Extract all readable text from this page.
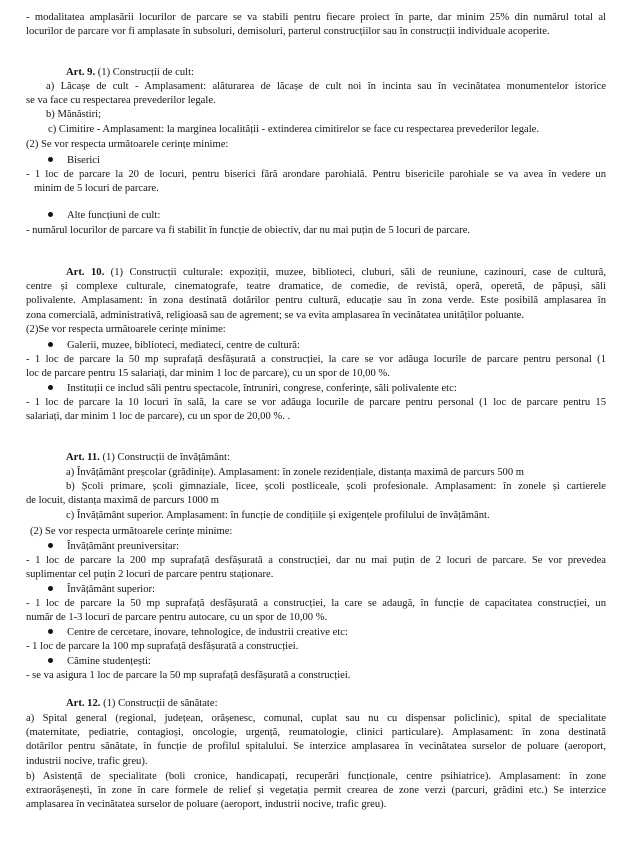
- modalitatea amplasării locurilor de parcare se va stabili pentru fiecare proiect în parte, dar minim 25% din numărul total al

locurilor de parcare vor fi amplasate în subsoluri, demisoluri, parterul construcțiilor sau în construcții individuale acoperite.

Art. 9. (1) Construcții de cult:

a) Lăcașe de cult - Amplasament: alăturarea de lăcașe de cult noi în incinta sau în vecinătatea monumentelor istorice

se va face cu respectarea prevederilor legale.

b) Mănăstiri;

c) Cimitire - Amplasament: la marginea localității - extinderea cimitirelor se face cu respectarea prevederilor legale.

(2) Se vor respecta următoarele cerințe minime:

Biserici

- 1 loc de parcare la 20 de locuri, pentru biserici fără arondare parohială. Pentru bisericile parohiale se va avea în vedere un

minim de 5 locuri de parcare.

Alte funcțiuni de cult:

- numărul locurilor de parcare va fi stabilit în funcție de obiectiv, dar nu mai puțin de 5 locuri de parcare.

Art. 10. (1) Construcții culturale: expoziții, muzee, biblioteci, cluburi, săli de reuniune, cazinouri, case de cultură,

centre și complexe culturale, cinematografe, teatre dramatice, de comedie, de revistă, operă, operetă, de păpuși, săli

polivalente. Amplasament: în zona destinată dotărilor pentru cultură, educație sau în zona verde. Este posibilă amplasarea în

zona comercială, administrativă, religioasă sau de agrement; se va evita amplasarea în vecinătatea unităților poluante.

(2)Se vor respecta următoarele cerințe minime:

Galerii, muzee, biblioteci, mediateci, centre de cultură:

- 1 loc de parcare la 50 mp suprafață desfășurată a construcției, la care se vor adăuga locurile de parcare pentru personal (1

loc de parcare pentru 15 salariați, dar minim 1 loc de parcare), cu un spor de 10,00 %.

Instituții ce includ săli pentru spectacole, întruniri, congrese, conferințe, săli polivalente etc:

- 1 loc de parcare la 10 locuri în sală, la care se vor adăuga locurile de parcare pentru personal (1 loc de parcare pentru 15

salariați, dar minim 1 loc de parcare), cu un spor de 20,00 %. .

Art. 11. (1) Construcții de învățământ:

a) Învățământ preșcolar (grădinițe). Amplasament: în zonele rezidențiale, distanța maximă de parcurs 500 m

b) Școli primare, școli gimnaziale, licee, școli postliceale, școli profesionale. Amplasament: în zonele și cartierele

de locuit, distanța maximă de parcurs 1000 m

c) Învățământ superior. Amplasament: în funcție de condițiile și exigențele profilului de învățământ.

(2) Se vor respecta următoarele cerințe minime:

Învățământ preuniversitar:

- 1 loc de parcare la 200 mp suprafață desfășurată a construcției, dar nu mai puțin de 2 locuri de parcare. Se vor prevedea

suplimentar cel puțin 2 locuri de parcare pentru staționare.

Învățământ superior:

- 1 loc de parcare la 50 mp suprafață desfășurată a construcției, la care se adaugă, în funcție de capacitatea construcției, un

număr de 1-3 locuri de parcare pentru autocare, cu un spor de 10,00 %.

Centre de cercetare, inovare, tehnologice, de industrii creative etc:

- 1 loc de parcare la 100 mp suprafață desfășurată a construcției.

Cămine studențești:

- se va asigura 1 loc de parcare la 50 mp suprafață desfășurată a construcției.

Art. 12. (1) Construcții de sănătate:

a) Spital general (regional, județean, orășenesc, comunal, cuplat sau nu cu dispensar policlinic), spital de specialitate

(maternitate, pediatrie, contagioși, oncologie, urgență, reumatologie, clinici particulare). Amplasament: în zona destinată

dotărilor pentru sănătate, în funcție de profilul spitalului. Se interzice amplasarea în vecinătatea surselor de poluare (aeroport,

industrii nocive, trafic greu).

b) Asistență de specialitate (boli cronice, handicapați, recuperări funcționale, centre psihiatrice). Amplasament: în zone

extraorășenești, în zone în care formele de relief și vegetația permit crearea de zone verzi (parcuri, grădini etc.) Se interzice

amplasarea în vecinătatea surselor de poluare (aeroport, industrii nocive, trafic greu).
